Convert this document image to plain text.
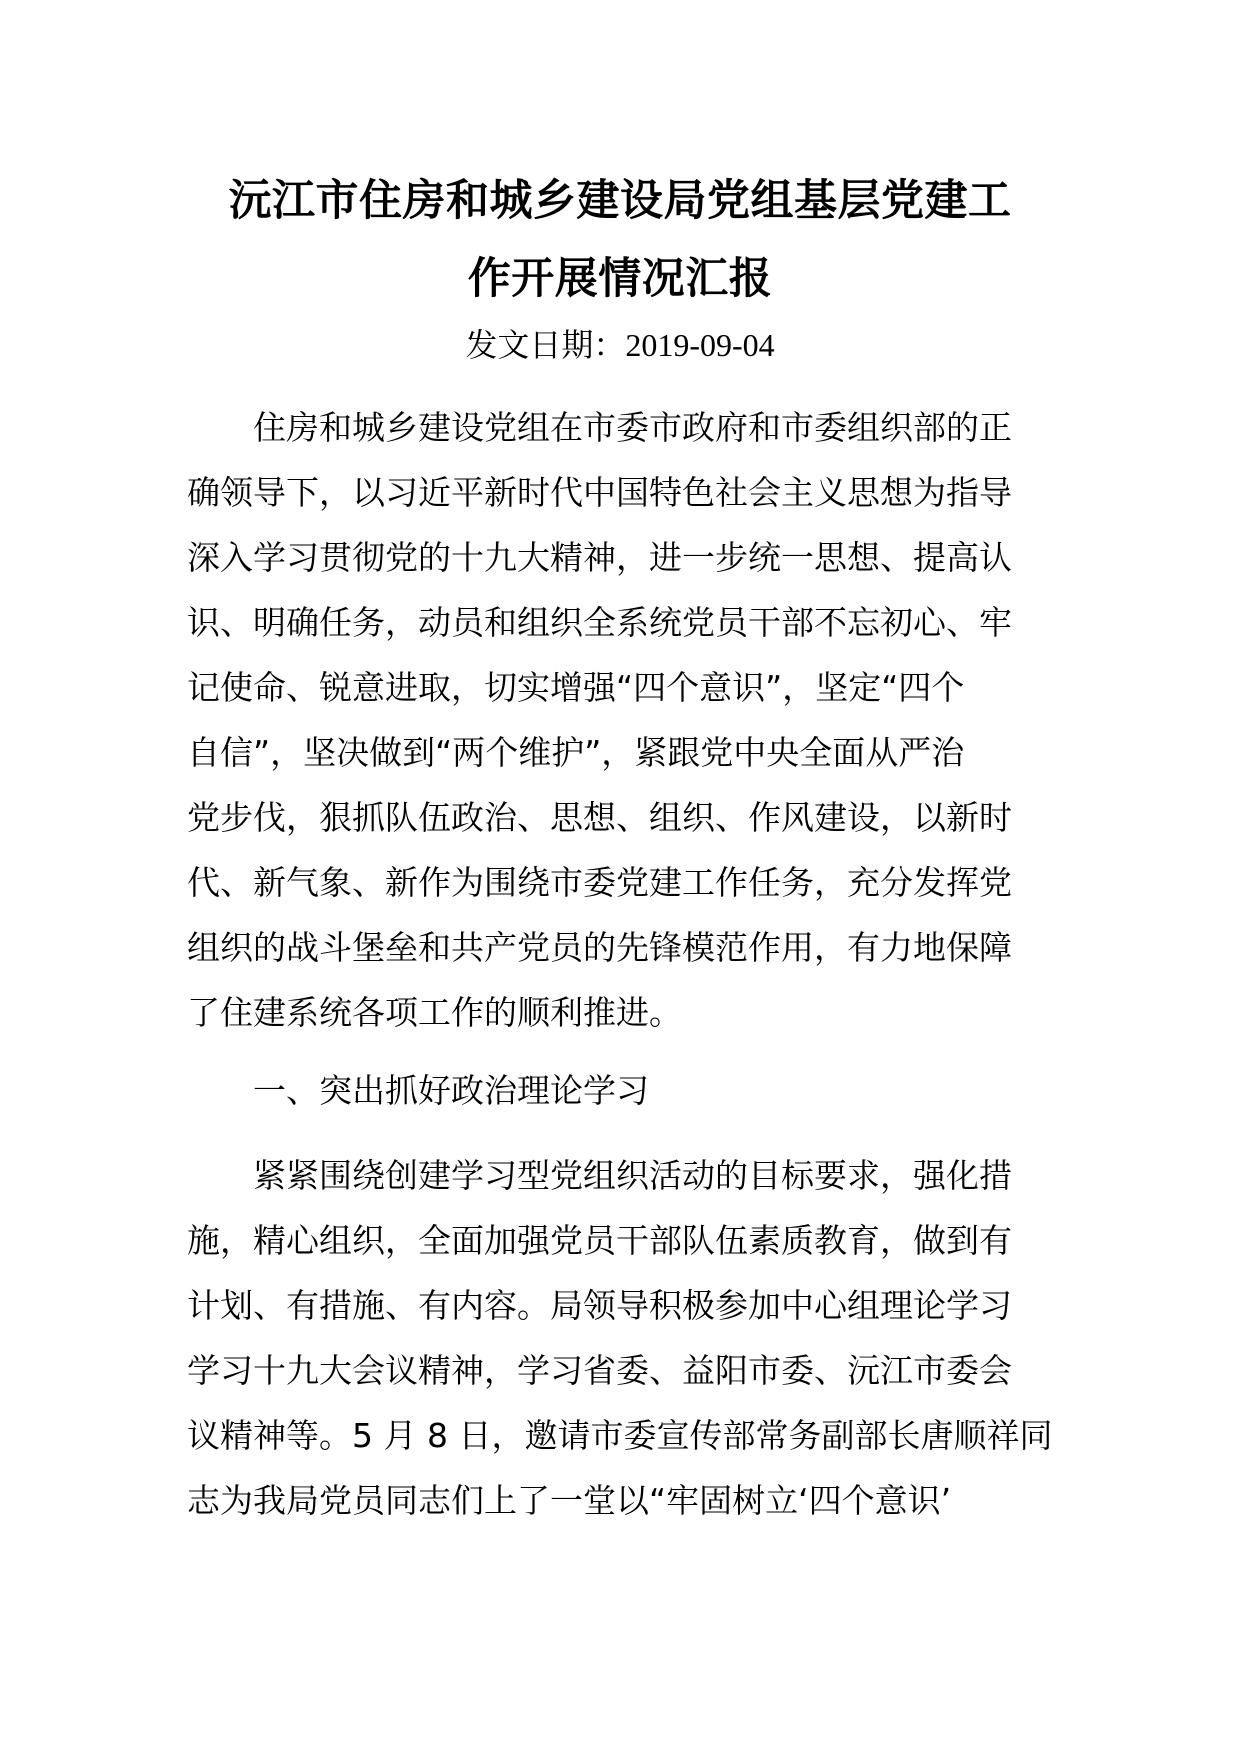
沅江市住房和城乡建设局党组基层党建工
作开展情况汇报
发文日期：2019-09-04
住房和城乡建设党组在市委市政府和市委组织部的正
确领导下，以习近平新时代中国特色社会主义思想为指导
深入学习贯彻党的十九大精神，进一步统一思想、提高认
识、明确任务，动员和组织全系统党员干部不忘初心、牢
记使命、锐意进取，切实增强“四个意识”，坚定“四个
自信”，坚决做到“两个维护”，紧跟党中央全面从严治
党步伐，狠抓队伍政治、思想、组织、作风建设，以新时
代、新气象、新作为围绕市委党建工作任务，充分发挥党
组织的战斗堡垒和共产党员的先锋模范作用，有力地保障
了住建系统各项工作的顺利推进。
一、突出抓好政治理论学习
紧紧围绕创建学习型党组织活动的目标要求，强化措
施，精心组织，全面加强党员干部队伍素质教育，做到有
计划、有措施、有内容。局领导积极参加中心组理论学习
学习十九大会议精神，学习省委、益阳市委、沅江市委会
议精神等。5 月 8 日，邀请市委宣传部常务副部长唐顺祥同
志为我局党员同志们上了一堂以“牢固树立‘四个意识’
